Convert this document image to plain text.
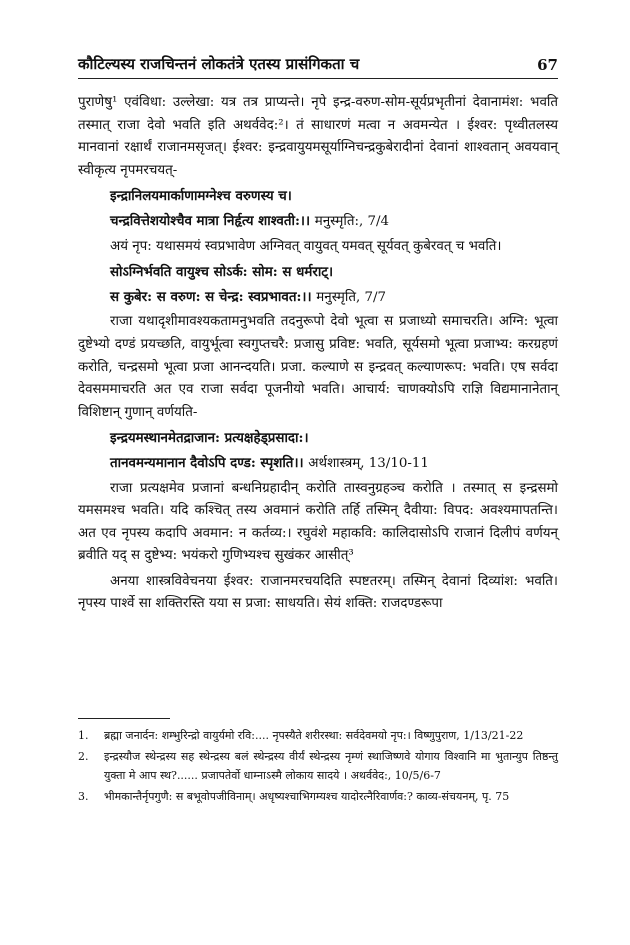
कौटिल्यस्य राजचिन्तनं लोकतंत्रे एतस्य प्रासंगिकता च	67

पुराणेषु¹ एवंविधा: उल्लेखा: यत्र तत्र प्राप्यन्ते। नृपे इन्द्र-वरुण-सोम-सूर्यप्रभृतीनां देवानामंश: भवति तस्मात् राजा देवो भवति इति अथर्ववेद:²। तं साधारणं मत्वा न अवमन्येत । ईश्वर: पृथ्वीतलस्य मानवानां रक्षार्थं राजानमसृजत्। ईश्वर: इन्द्रवायुयमसूर्याग्निचन्द्रकुबेरादीनां देवानां शाश्वतान् अवयवान् स्वीकृत्य नृपमरचयत्-

इन्द्रानिलयमार्काणामग्नेश्च वरुणस्य च।

चन्द्रवित्तेशयोश्चैव मात्रा निर्हृत्य शाश्वती:।। मनुस्मृति:, 7/4

अयं नृप: यथासमयं स्वप्रभावेण अग्निवत् वायुवत् यमवत् सूर्यवत् कुबेरवत् च भवति।

सोऽग्निर्भवति वायुश्च सोऽर्क: सोम: स धर्मराट्।

स कुबेर: स वरुण: स चेन्द्र: स्वप्रभावत:।। मनुस्मृति, 7/7

राजा यथादृशीमावश्यकतामनुभवति तदनुरूपो देवो भूत्वा स प्रजाध्यो समाचरति। अग्नि: भूत्वा दुष्टेभ्यो दण्डं प्रयच्छति, वायुर्भूत्वा स्वगुप्तचरै: प्रजासु प्रविष्ट: भवति, सूर्यसमो भूत्वा प्रजाभ्य: करग्रहणं करोति, चन्द्रसमो भूत्वा प्रजा आनन्दयति। प्रजा. कल्याणे स इन्द्रवत् कल्याणरूप: भवति। एष सर्वदा देवसममाचरति अत एव राजा सर्वदा पूजनीयो भवति। आचार्य: चाणक्योऽपि राज्ञि विद्यमानानेतान् विशिष्टान् गुणान् वर्णयति-

इन्द्रयमस्थानमेतद्राजान: प्रत्यक्षहेड्प्रसादा:।

तानवमन्यमानान दैवोऽपि दण्ड: स्पृशति।। अर्थशास्त्रम्, 13/10-11

राजा प्रत्यक्षमेव प्रजानां बन्धनिग्रहादीन् करोति तास्वनुग्रहञ्च करोति । तस्मात् स इन्द्रसमो यमसमश्च भवति। यदि कश्चित् तस्य अवमानं करोति तर्हि तस्मिन् दैवीया: विपद: अवश्यमापतन्ति। अत एव नृपस्य कदापि अवमान: न कर्तव्य:। रघुवंशे महाकवि: कालिदासोऽपि राजानं दिलीपं वर्णयन् ब्रवीति यद् स दुष्टेभ्य: भयंकरो गुणिभ्यश्च सुखंकर आसीत्³

अनया शास्त्रविवेचनया ईश्वर: राजानमरचयदिति स्पष्टतरम्। तस्मिन् देवानां दिव्यांश: भवति। नृपस्य पार्श्वे सा शक्तिरस्ति यया स प्रजा: साधयति। सेयं शक्ति: राजदण्डरूपा

1.	ब्रह्मा जनार्दन: शम्भुरिन्द्रो वायुर्यमो रवि:.... नृपस्यैते शरीरस्था: सर्वदेवमयो नृप:। विष्णुपुराण, 1/13/21-22
2.	इन्द्रस्यौज स्थेन्द्रस्य सह स्थेन्द्रस्य बलं स्थेन्द्रस्य वीर्यं स्थेन्द्रस्य नृम्णं स्थाजिष्णवे योगाय विश्वानि मा भुतान्युप तिष्ठन्तु युक्ता मे आप स्थ?...... प्रजापतेर्वो धाम्नाऽस्मै लोकाय सादये । अथर्ववेद:, 10/5/6-7
3.	भीमकान्तैर्नृपगुणै: स बभूवोपजीविनाम्। अधृष्यश्चाभिगम्यश्च यादोरत्नैरिवार्णव:? काव्य-संचयनम्, पृ. 75
